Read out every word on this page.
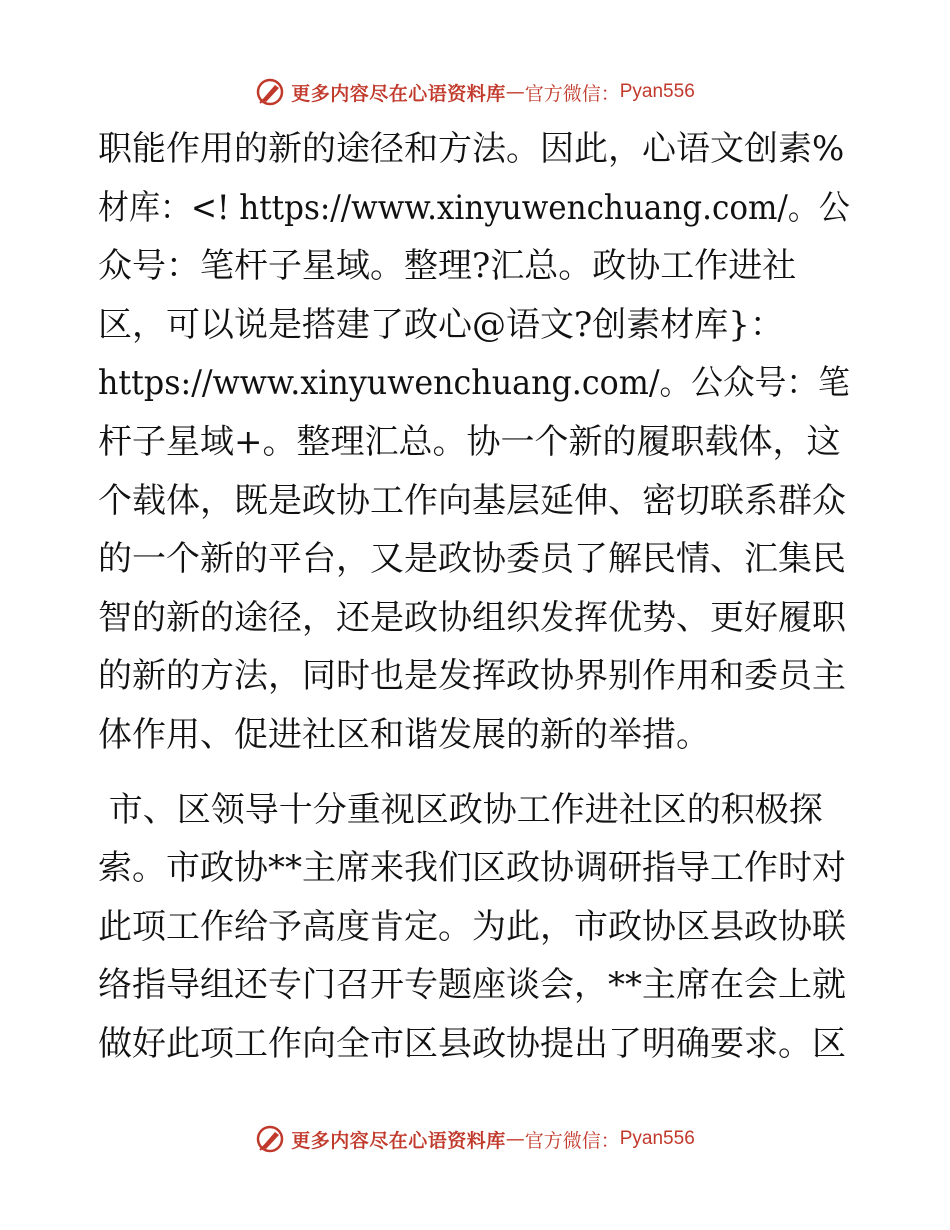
更多内容尽在心语资料库 — 官方微信： Pyan556

职能作用的新的途径和方法。因此，心语文创素%
材库：<! https://www.xinyuwenchuang.com/。公
众号：笔杆子星域。整理?汇总。政协工作进社
区，可以说是搭建了政心@语文?创素材库}：
https://www.xinyuwenchuang.com/。公众号：笔
杆子星域+。整理汇总。协一个新的履职载体，这
个载体，既是政协工作向基层延伸、密切联系群众
的一个新的平台，又是政协委员了解民情、汇集民
智的新的途径，还是政协组织发挥优势、更好履职
的新的方法，同时也是发挥政协界别作用和委员主
体作用、促进社区和谐发展的新的举措。

市、区领导十分重视区政协工作进社区的积极探
索。市政协**主席来我们区政协调研指导工作时对
此项工作给予高度肯定。为此，市政协区县政协联
络指导组还专门召开专题座谈会，**主席在会上就
做好此项工作向全市区县政协提出了明确要求。区

更多内容尽在心语资料库 — 官方微信： Pyan556
